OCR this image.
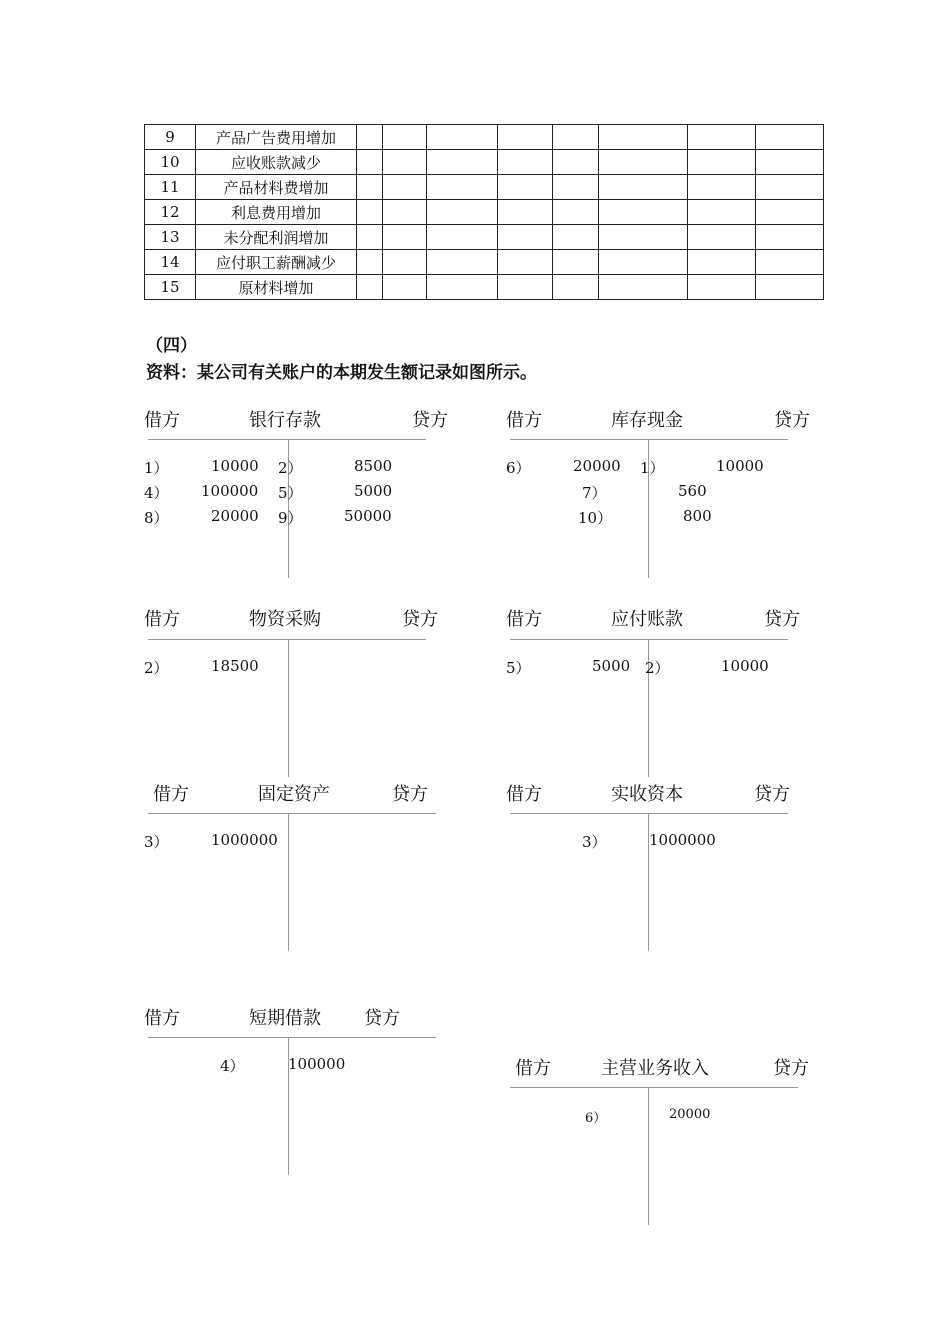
9	产品广告费用增加								
10	应收账款减少								
11	产品材料费增加								
12	利息费用增加								
13	未分配利润增加								
14	应付职工薪酬减少								
15	原材料增加								
（四）
资料：某公司有关账户的本期发生额记录如图所示。
借方	银行存款	贷方
1）	10000 2）	8500
4） 100000 5）	5000
8）	20000 9）	50000
借方	库存现金	贷方
6）	20000 1）	10000
7）	560
10）	800
借方	物资采购	贷方
2）	18500
借方	应付账款	贷方
5）	5000 2）	10000
借方	固定资产	贷方
3）	1000000
借方	实收资本	贷方
3）	1000000
借方	短期借款 贷方
4）	100000	借方	主营业务收入	贷方
6）	20000
